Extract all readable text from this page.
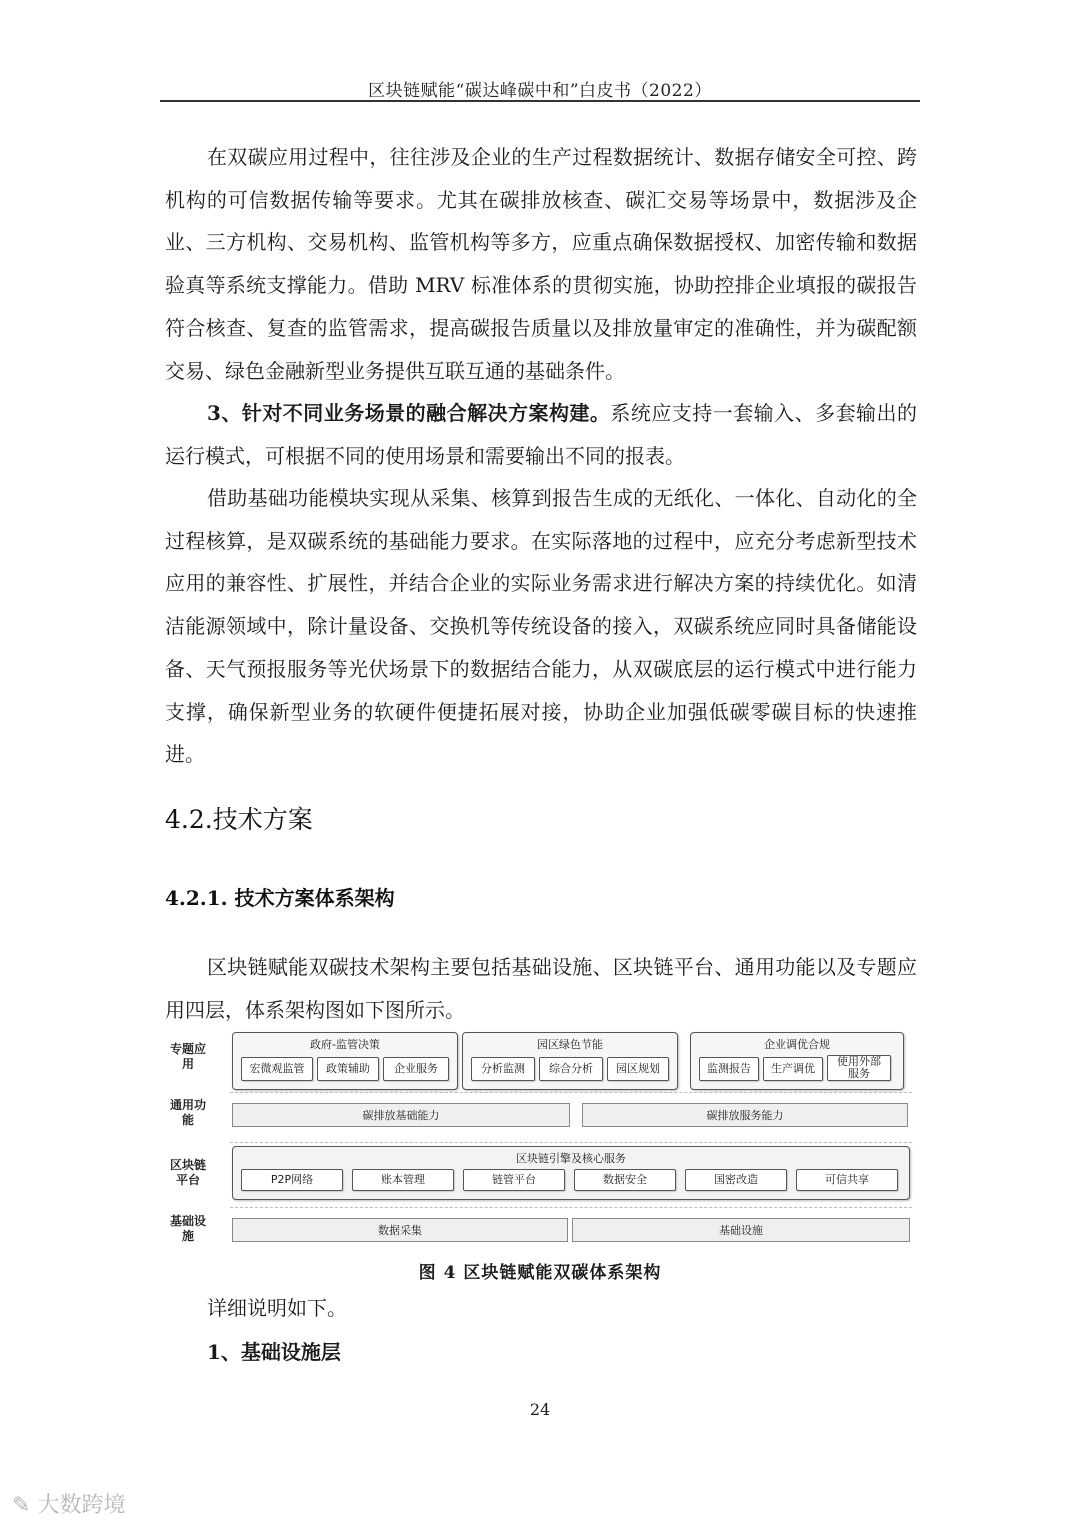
区块链赋能“碳达峰碳中和”白皮书（2022）

在双碳应用过程中，往往涉及企业的生产过程数据统计、数据存储安全可控、跨机构的可信数据传输等要求。尤其在碳排放核查、碳汇交易等场景中，数据涉及企业、三方机构、交易机构、监管机构等多方，应重点确保数据授权、加密传输和数据验真等系统支撑能力。借助 MRV 标准体系的贯彻实施，协助控排企业填报的碳报告符合核查、复查的监管需求，提高碳报告质量以及排放量审定的准确性，并为碳配额交易、绿色金融新型业务提供互联互通的基础条件。

3、针对不同业务场景的融合解决方案构建。系统应支持一套输入、多套输出的运行模式，可根据不同的使用场景和需要输出不同的报表。

借助基础功能模块实现从采集、核算到报告生成的无纸化、一体化、自动化的全过程核算，是双碳系统的基础能力要求。在实际落地的过程中，应充分考虑新型技术应用的兼容性、扩展性，并结合企业的实际业务需求进行解决方案的持续优化。如清洁能源领域中，除计量设备、交换机等传统设备的接入，双碳系统应同时具备储能设备、天气预报服务等光伏场景下的数据结合能力，从双碳底层的运行模式中进行能力支撑，确保新型业务的软硬件便捷拓展对接，协助企业加强低碳零碳目标的快速推进。

4.2.技术方案
4.2.1. 技术方案体系架构

区块链赋能双碳技术架构主要包括基础设施、区块链平台、通用功能以及专题应用四层，体系架构图如下图所示。

专题应用
通用功能
区块链平台
基础设施
政府-监管决策
宏微观监管	政策辅助	企业服务
园区绿色节能
分析监测	综合分析	园区规划
企业调优合规
监测报告	生产调优
使用外部服务
碳排放基础能力	碳排放服务能力
区块链引擎及核心服务
P2P网络	账本管理	链管平台	数据安全	国密改造	可信共享
数据采集	基础设施
图 4 区块链赋能双碳体系架构
详细说明如下。
1、基础设施层
24
✎ 大数跨境
